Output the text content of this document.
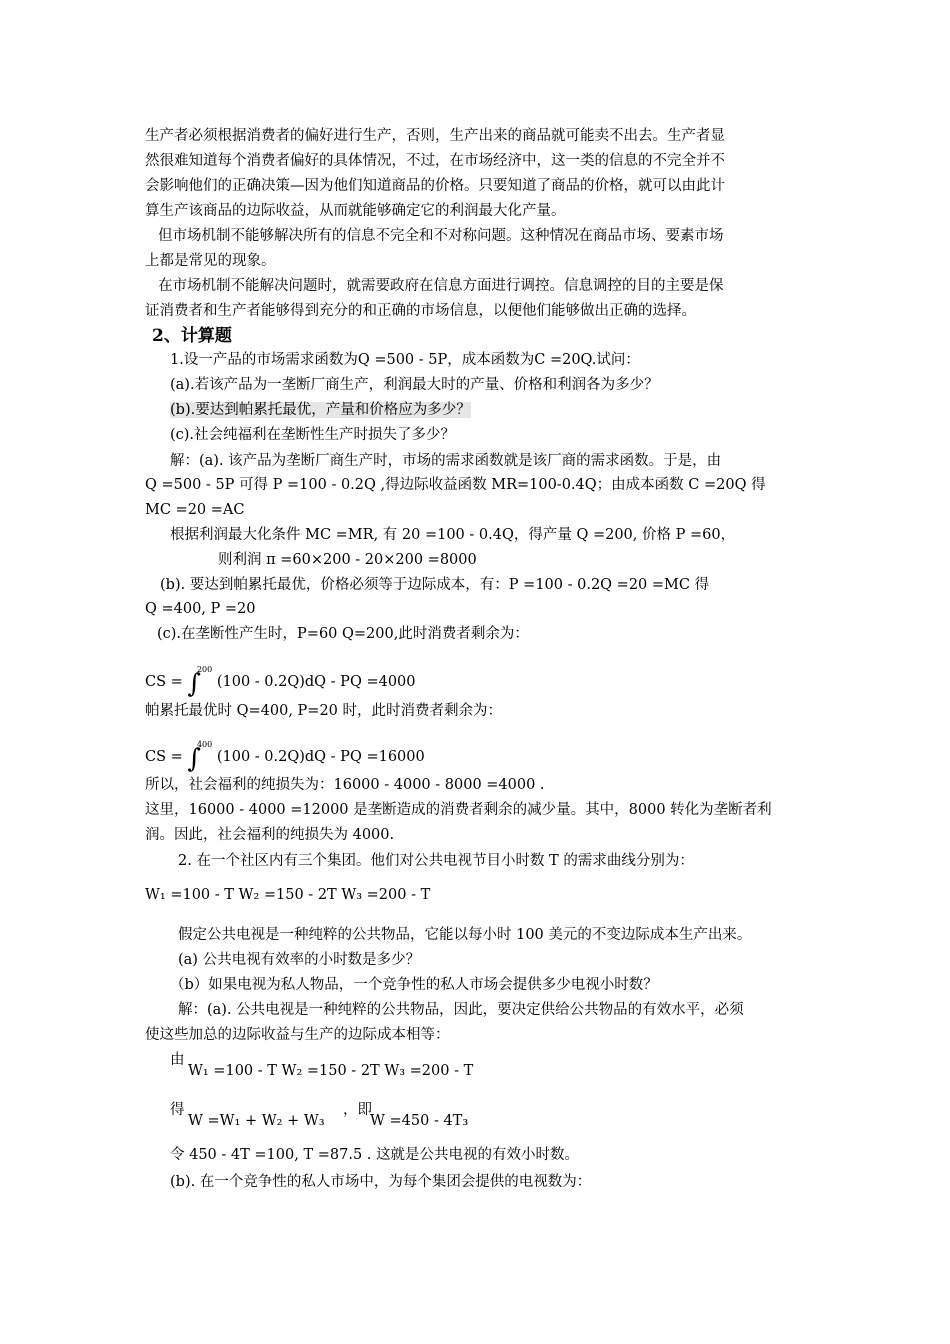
生产者必须根据消费者的偏好进行生产，否则，生产出来的商品就可能卖不出去。生产者显
然很难知道每个消费者偏好的具体情况，不过，在市场经济中，这一类的信息的不完全并不
会影响他们的正确决策—因为他们知道商品的价格。只要知道了商品的价格，就可以由此计
算生产该商品的边际收益，从而就能够确定它的利润最大化产量。
但市场机制不能够解决所有的信息不完全和不对称问题。这种情况在商品市场、要素市场
上都是常见的现象。
在市场机制不能解决问题时，就需要政府在信息方面进行调控。信息调控的目的主要是保
证消费者和生产者能够得到充分的和正确的市场信息，以便他们能够做出正确的选择。
2、计算题
1.设一产品的市场需求函数为Q =500 - 5P，成本函数为C =20Q.试问：
(a).若该产品为一垄断厂商生产，利润最大时的产量、价格和利润各为多少？
(b).要达到帕累托最优，产量和价格应为多少？
(c).社会纯福利在垄断性生产时损失了多少？
解：(a). 该产品为垄断厂商生产时，市场的需求函数就是该厂商的需求函数。于是，由
Q =500 - 5P 可得 P =100 - 0.2Q ,得边际收益函数 MR=100-0.4Q；由成本函数 C =20Q 得
MC =20 =AC
根据利润最大化条件 MC =MR, 有 20 =100 - 0.4Q，得产量 Q =200, 价格 P =60，
则利润 π =60×200 - 20×200 =8000
(b). 要达到帕累托最优，价格必须等于边际成本，有：P =100 - 0.2Q =20 =MC 得
Q =400, P =20
(c).在垄断性产生时，P=60 Q=200,此时消费者剩余为：
CS = ∫$^{200}$ (100 - 0.2Q)dQ - PQ =4000
帕累托最优时 Q=400, P=20 时，此时消费者剩余为：
CS = ∫$^{400}$ (100 - 0.2Q)dQ - PQ =16000
所以，社会福利的纯损失为：16000 - 4000 - 8000 =4000 .
这里，16000 - 4000 =12000 是垄断造成的消费者剩余的减少量。其中，8000 转化为垄断者利
润。因此，社会福利的纯损失为 4000.
2. 在一个社区内有三个集团。他们对公共电视节目小时数 T 的需求曲线分别为：
W₁ =100 - T W₂ =150 - 2T W₃ =200 - T
假定公共电视是一种纯粹的公共物品，它能以每小时 100 美元的不变边际成本生产出来。
(a) 公共电视有效率的小时数是多少？
（b）如果电视为私人物品，一个竞争性的私人市场会提供多少电视小时数？
解：(a). 公共电视是一种纯粹的公共物品，因此，要决定供给公共物品的有效水平，必须
使这些加总的边际收益与生产的边际成本相等：
由
W₁ =100 - T W₂ =150 - 2T W₃ =200 - T
得
W =W₁ + W₂ + W₃
，即
W =450 - 4T₃
令 450 - 4T =100, T =87.5 . 这就是公共电视的有效小时数。
(b). 在一个竞争性的私人市场中，为每个集团会提供的电视数为：
